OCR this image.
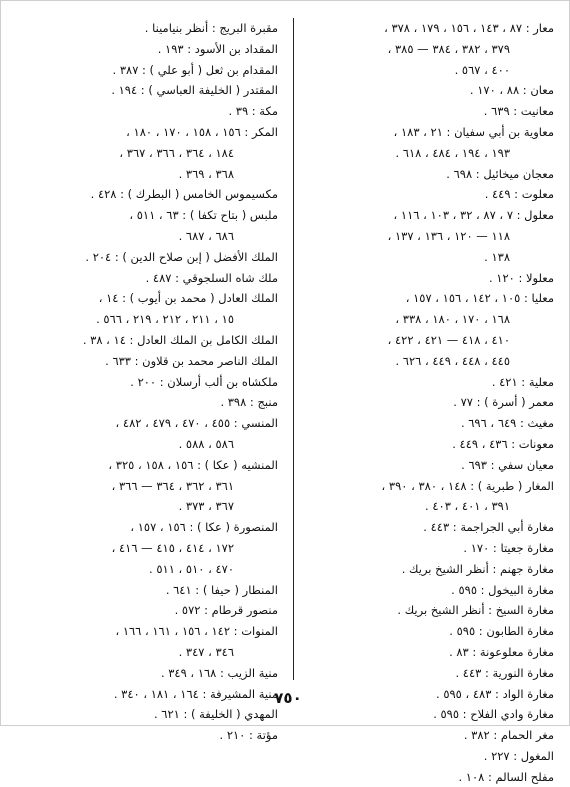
معار : ٨٧ ، ١٤٣ ، ١٥٦ ، ١٧٩ ، ٣٧٨ ،
٣٧٩ ، ٣٨٢ ، ٣٨٤ — ٣٨٥ ،
٤٠٠ ، ٥٦٧ .
معان : ٨٨ ، ١٧٠ .
معانيت : ٦٣٩ .
معاوية بن أبي سفيان : ٢١ ، ١٨٣ ،
١٩٣ ، ١٩٤ ، ٤٨٤ ، ٦١٨ .
معجان ميخائيل : ٦٩٨ .
معلوت : ٤٤٩ .
معلول : ٧ ، ٨٧ ، ٣٢ ، ١٠٣ ، ١١٦ ،
١١٨ — ١٢٠ ، ١٣٦ ، ١٣٧ ،
١٣٨ .
معلولا : ١٢٠ .
معليا : ١٠٥ ، ١٤٢ ، ١٥٦ ، ١٥٧ ،
١٦٨ ، ١٧٠ ، ١٨٠ ، ٣٣٨ ،
٤١٠ ، ٤١٨ — ٤٢١ ، ٤٢٢ ،
٤٤٥ ، ٤٤٨ ، ٤٤٩ ، ٦٢٦ .
معلية : ٤٢١ .
معمر ( أسرة ) : ٧٧ .
مغيث : ٦٤٩ ، ٦٩٦ .
معونات : ٤٣٦ ، ٤٤٩ .
معيان سفي : ٦٩٣ .
المغار ( طبرية ) : ١٤٨ ، ٣٨٠ ، ٣٩٠ ،
٣٩١ ، ٤٠١ ، ٤٠٣ .
مغارة أبي الجراجمة : ٤٤٣ .
مغارة جعيتا : ١٧٠ .
مغارة جهنم : أنظر الشيخ بريك .
مغارة البيخول : ٥٩٥ .
مغارة السيخ : أنظر الشيخ بريك .
مغارة الطابون : ٥٩٥ .
مغارة معلوعونة : ٨٣ .
مغارة النورية : ٤٤٣ .
مغارة الواد : ٤٨٣ ، ٥٩٥ .
مغارة وادي الفلاح : ٥٩٥ .
مغر الحمام : ٣٨٢ .
المغول : ٢٢٧ .
مفلح السالم : ١٠٨ .
مقبرة البريج : أنظر بنيامينا .
المقداد بن الأسود : ١٩٣ .
المقدام بن ثعل ( أبو علي ) : ٣٨٧ .
المقتدر ( الخليفة العباسي ) : ١٩٤ .
مكة : ٣٩ .
المكر : ١٥٦ ، ١٥٨ ، ١٧٠ ، ١٨٠ ،
١٨٤ ، ٣٦٤ ، ٣٦٦ ، ٣٦٧ ،
٣٦٨ ، ٣٦٩ .
مكسيموس الخامس ( البطرك ) : ٤٢٨ .
ملبس ( بتاح تكفا ) : ٦٣ ، ٥١١ ،
٦٨٦ ، ٦٨٧ .
الملك الأفضل ( إبن صلاح الدين ) : ٢٠٤ .
ملك شاه السلجوقي : ٤٨٧ .
الملك العادل ( محمد بن أيوب ) : ١٤ ،
١٥ ، ٢١١ ، ٢١٢ ، ٢١٩ ، ٥٦٦ .
الملك الكامل بن الملك العادل : ١٤ ، ٣٨ .
الملك الناصر محمد بن قلاون : ٦٣٣ .
ملكشاه بن ألب أرسلان : ٢٠٠ .
منبج : ٣٩٨ .
المنسي : ٤٥٥ ، ٤٧٠ ، ٤٧٩ ، ٤٨٢ ،
٥٨٦ ، ٥٨٨ .
المنشيه ( عكا ) : ١٥٦ ، ١٥٨ ، ٣٢٥ ،
٣٦١ ، ٣٦٢ ، ٣٦٤ — ٣٦٦ ،
٣٦٧ ، ٣٧٣ .
المنصورة ( عكا ) : ١٥٦ ، ١٥٧ ،
١٧٢ ، ٤١٤ ، ٤١٥ — ٤١٦ ،
٤٧٠ ، ٥١٠ ، ٥١١ .
المنطار ( حيفا ) : ٦٤١ .
منصور قرطام : ٥٧٢ .
المنوات : ١٤٢ ، ١٥٦ ، ١٦١ ، ١٦٦ ،
٣٤٦ ، ٣٤٧ .
منية الزيب : ١٦٨ ، ٣٤٩ .
منية المشيرفة : ١٦٤ ، ١٨١ ، ٣٤٠ .
المهدي ( الخليفة ) : ٦٢١ .
مؤتة : ٢١٠ .
٧٥٠
